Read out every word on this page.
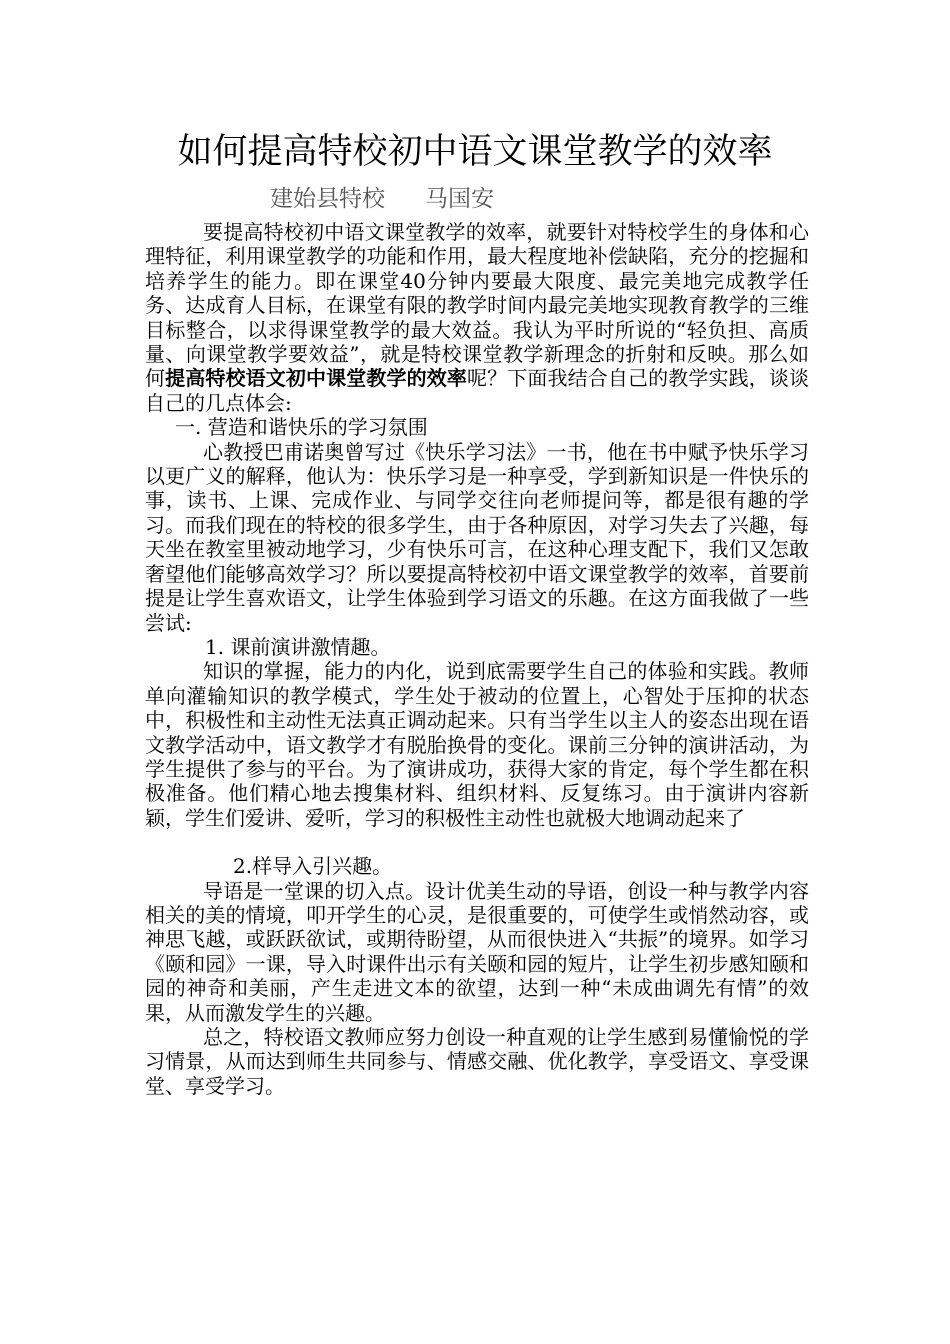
如何提高特校初中语文课堂教学的效率
建始县特校 马国安

要提高特校初中语文课堂教学的效率，就要针对特校学生的身体和心理特征，利用课堂教学的功能和作用，最大程度地补偿缺陷，充分的挖掘和培养学生的能力。即在课堂40分钟内要最大限度、最完美地完成教学任务、达成育人目标，在课堂有限的教学时间内最完美地实现教育教学的三维目标整合，以求得课堂教学的最大效益。我认为平时所说的“轻负担、高质量、向课堂教学要效益”，就是特校课堂教学新理念的折射和反映。那么如何提高特校语文初中课堂教学的效率呢？下面我结合自己的教学实践，谈谈自己的几点体会:

一. 营造和谐快乐的学习氛围

心教授巴甫诺奥曾写过《快乐学习法》一书，他在书中赋予快乐学习以更广义的解释，他认为：快乐学习是一种享受，学到新知识是一件快乐的事，读书、上课、完成作业、与同学交往向老师提问等，都是很有趣的学习。而我们现在的特校的很多学生，由于各种原因，对学习失去了兴趣，每天坐在教室里被动地学习，少有快乐可言，在这种心理支配下，我们又怎敢奢望他们能够高效学习？所以要提高特校初中语文课堂教学的效率，首要前提是让学生喜欢语文，让学生体验到学习语文的乐趣。在这方面我做了一些尝试:

1. 课前演讲激情趣。

知识的掌握，能力的内化，说到底需要学生自己的体验和实践。教师单向灌输知识的教学模式，学生处于被动的位置上，心智处于压抑的状态中，积极性和主动性无法真正调动起来。只有当学生以主人的姿态出现在语文教学活动中，语文教学才有脱胎换骨的变化。课前三分钟的演讲活动，为学生提供了参与的平台。为了演讲成功，获得大家的肯定，每个学生都在积极准备。他们精心地去搜集材料、组织材料、反复练习。由于演讲内容新颖，学生们爱讲、爱听，学习的积极性主动性也就极大地调动起来了

2.样导入引兴趣。

导语是一堂课的切入点。设计优美生动的导语，创设一种与教学内容相关的美的情境，叩开学生的心灵，是很重要的，可使学生或悄然动容，或神思飞越，或跃跃欲试，或期待盼望，从而很快进入“共振”的境界。如学习《颐和园》一课，导入时课件出示有关颐和园的短片，让学生初步感知颐和园的神奇和美丽，产生走进文本的欲望，达到一种“未成曲调先有情”的效果，从而激发学生的兴趣。

总之，特校语文教师应努力创设一种直观的让学生感到易懂愉悦的学习情景，从而达到师生共同参与、情感交融、优化教学，享受语文、享受课堂、享受学习。
